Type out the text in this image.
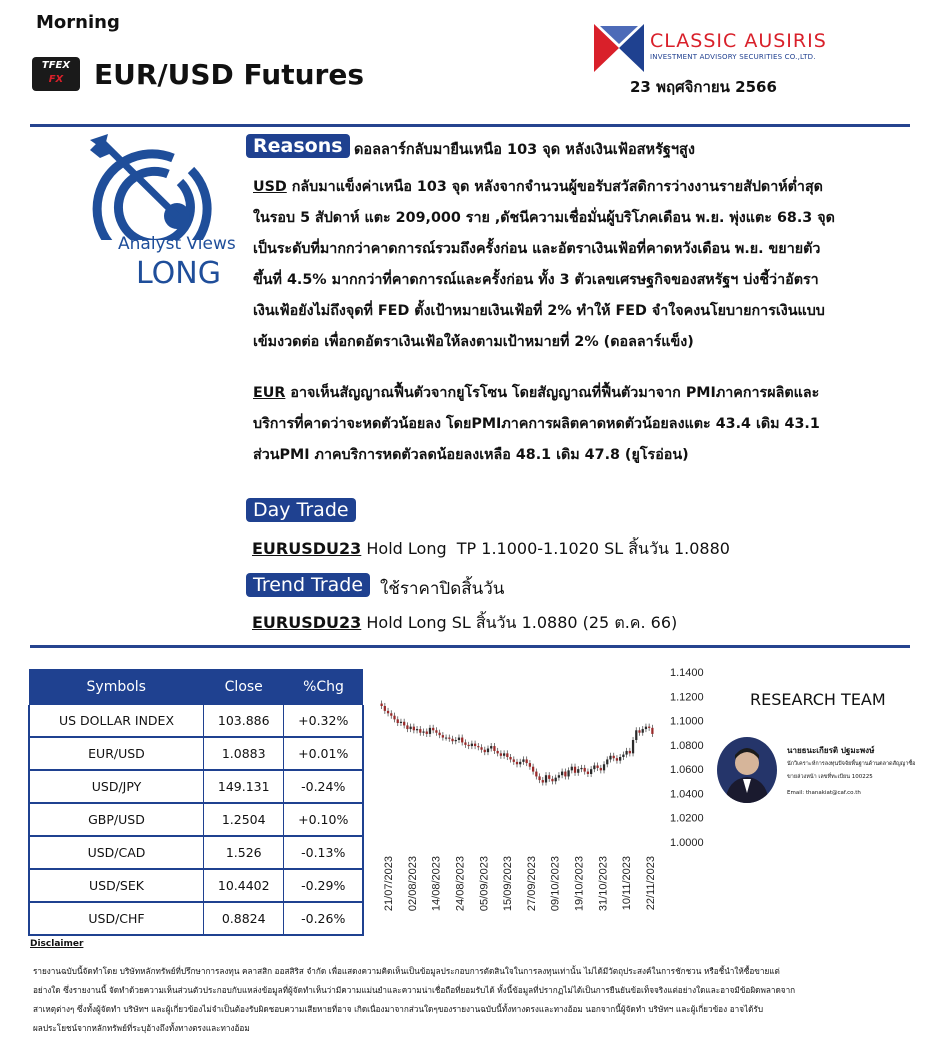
Morning
TFEX
FX	EUR/USD Futures
CLASSIC AUSIRIS
INVESTMENT ADVISORY SECURITIES CO.,LTD.
23 พฤศจิกายน 2566
Analyst Views
LONG
Reasons ดอลลาร์กลับมายืนเหนือ 103 จุด หลังเงินเฟ้อสหรัฐฯสูง
USD กลับมาแข็งค่าเหนือ 103 จุด หลังจากจำนวนผู้ขอรับสวัสดิการว่างงานรายสัปดาห์ต่ำสุด
ในรอบ 5 สัปดาห์ แตะ 209,000 ราย ,ดัชนีความเชื่อมั่นผู้บริโภคเดือน พ.ย. พุ่งแตะ 68.3 จุด
เป็นระดับที่มากกว่าคาดการณ์รวมถึงครั้งก่อน และอัตราเงินเฟ้อที่คาดหวังเดือน พ.ย. ขยายตัว
ขึ้นที่ 4.5% มากกว่าที่คาดการณ์และครั้งก่อน ทั้ง 3 ตัวเลขเศรษฐกิจของสหรัฐฯ บ่งชี้ว่าอัตรา
เงินเฟ้อยังไม่ถึงจุดที่ FED ตั้งเป้าหมายเงินเฟ้อที่ 2% ทำให้ FED จำใจคงนโยบายการเงินแบบ
เข้มงวดต่อ เพื่อกดอัตราเงินเฟ้อให้ลงตามเป้าหมายที่ 2% (ดอลลาร์แข็ง)
EUR อาจเห็นสัญญาณฟื้นตัวจากยูโรโซน โดยสัญญาณที่ฟื้นตัวมาจาก PMIภาคการผลิตและ
บริการที่คาดว่าจะหดตัวน้อยลง โดยPMIภาคการผลิตคาดหดตัวน้อยลงแตะ 43.4 เดิม 43.1
ส่วนPMI ภาคบริการหดตัวลดน้อยลงเหลือ 48.1 เดิม 47.8 (ยูโรอ่อน)
Day Trade
EURUSDU23 Hold Long  TP 1.1000-1.1020 SL สิ้นวัน 1.0880
Trend Trade ใช้ราคาปิดสิ้นวัน
EURUSDU23 Hold Long SL สิ้นวัน 1.0880 (25 ต.ค. 66)
Symbols	Close	%Chg
US DOLLAR INDEX	103.886	+0.32%
EUR/USD	1.0883	+0.01%
USD/JPY	149.131	-0.24%
GBP/USD	1.2504	+0.10%
USD/CAD	1.526	-0.13%
USD/SEK	10.4402	-0.29%
USD/CHF	0.8824	-0.26%
1.1400
1.1200
1.1000
1.0800
1.0600
1.0400
1.0200
1.0000
21/07/2023 02/08/2023 14/08/2023 24/08/2023 05/09/2023 15/09/2023 27/09/2023 09/10/2023 19/10/2023 31/10/2023 10/11/2023 22/11/2023
RESEARCH TEAM
นายธนะเกียรติ ปฐมะพงษ์
นักวิเคราะห์การลงทุนปัจจัยพื้นฐานด้านตลาดสัญญาซื้อ
ขายล่วงหน้า เลขที่ทะเบียน 100225
Email: thanakiat@caf.co.th
Disclaimer
รายงานฉบับนี้จัดทำโดย บริษัทหลักทรัพย์ที่ปรึกษาการลงทุน คลาสสิก ออสสิริส จำกัด เพื่อแสดงความคิดเห็นเป็นข้อมูลประกอบการตัดสินใจในการลงทุนเท่านั้น ไม่ได้มีวัตถุประสงค์ในการชักชวน หรือชี้นำให้ซื้อขายแต่
อย่างใด ซึ่งรายงานนี้ จัดทำด้วยความเห็นส่วนตัวประกอบกับแหล่งข้อมูลที่ผู้จัดทำเห็นว่ามีความแม่นยำและความน่าเชื่อถือที่ยอมรับได้ ทั้งนี้ข้อมูลที่ปรากฏไม่ได้เป็นการยืนยันข้อเท็จจริงแต่อย่างใดและอาจมีข้อผิดพลาดจาก
สาเหตุต่างๆ ซึ่งทั้งผู้จัดทำ บริษัทฯ และผู้เกี่ยวข้องไม่จำเป็นต้องรับผิดชอบความเสียหายที่อาจ เกิดเนื่องมาจากส่วนใดๆของรายงานฉบับนี้ทั้งทางตรงและทางอ้อม นอกจากนี้ผู้จัดทำ บริษัทฯ และผู้เกี่ยวข้อง อาจได้รับ
ผลประโยชน์จากหลักทรัพย์ที่ระบุอ้างถึงทั้งทางตรงและทางอ้อม
